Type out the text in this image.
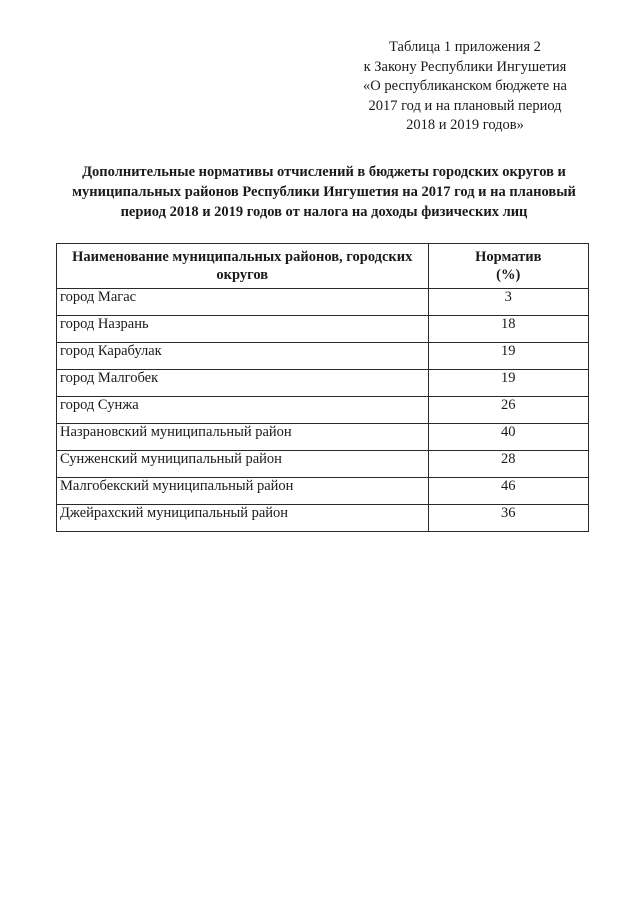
Таблица 1 приложения 2
к Закону Республики Ингушетия
«О республиканском бюджете на
2017 год и на плановый период
2018 и 2019 годов»
Дополнительные нормативы отчислений в бюджеты городских округов и
муниципальных районов Республики Ингушетия на 2017 год и на плановый
период 2018 и 2019 годов от налога на доходы физических лиц
Наименование муниципальных районов, городских округов	Норматив
(%)
город Магас	3
город Назрань	18
город Карабулак	19
город Малгобек	19
город Сунжа	26
Назрановский муниципальный район	40
Сунженский муниципальный район	28
Малгобекский муниципальный район	46
Джейрахский муниципальный район	36
